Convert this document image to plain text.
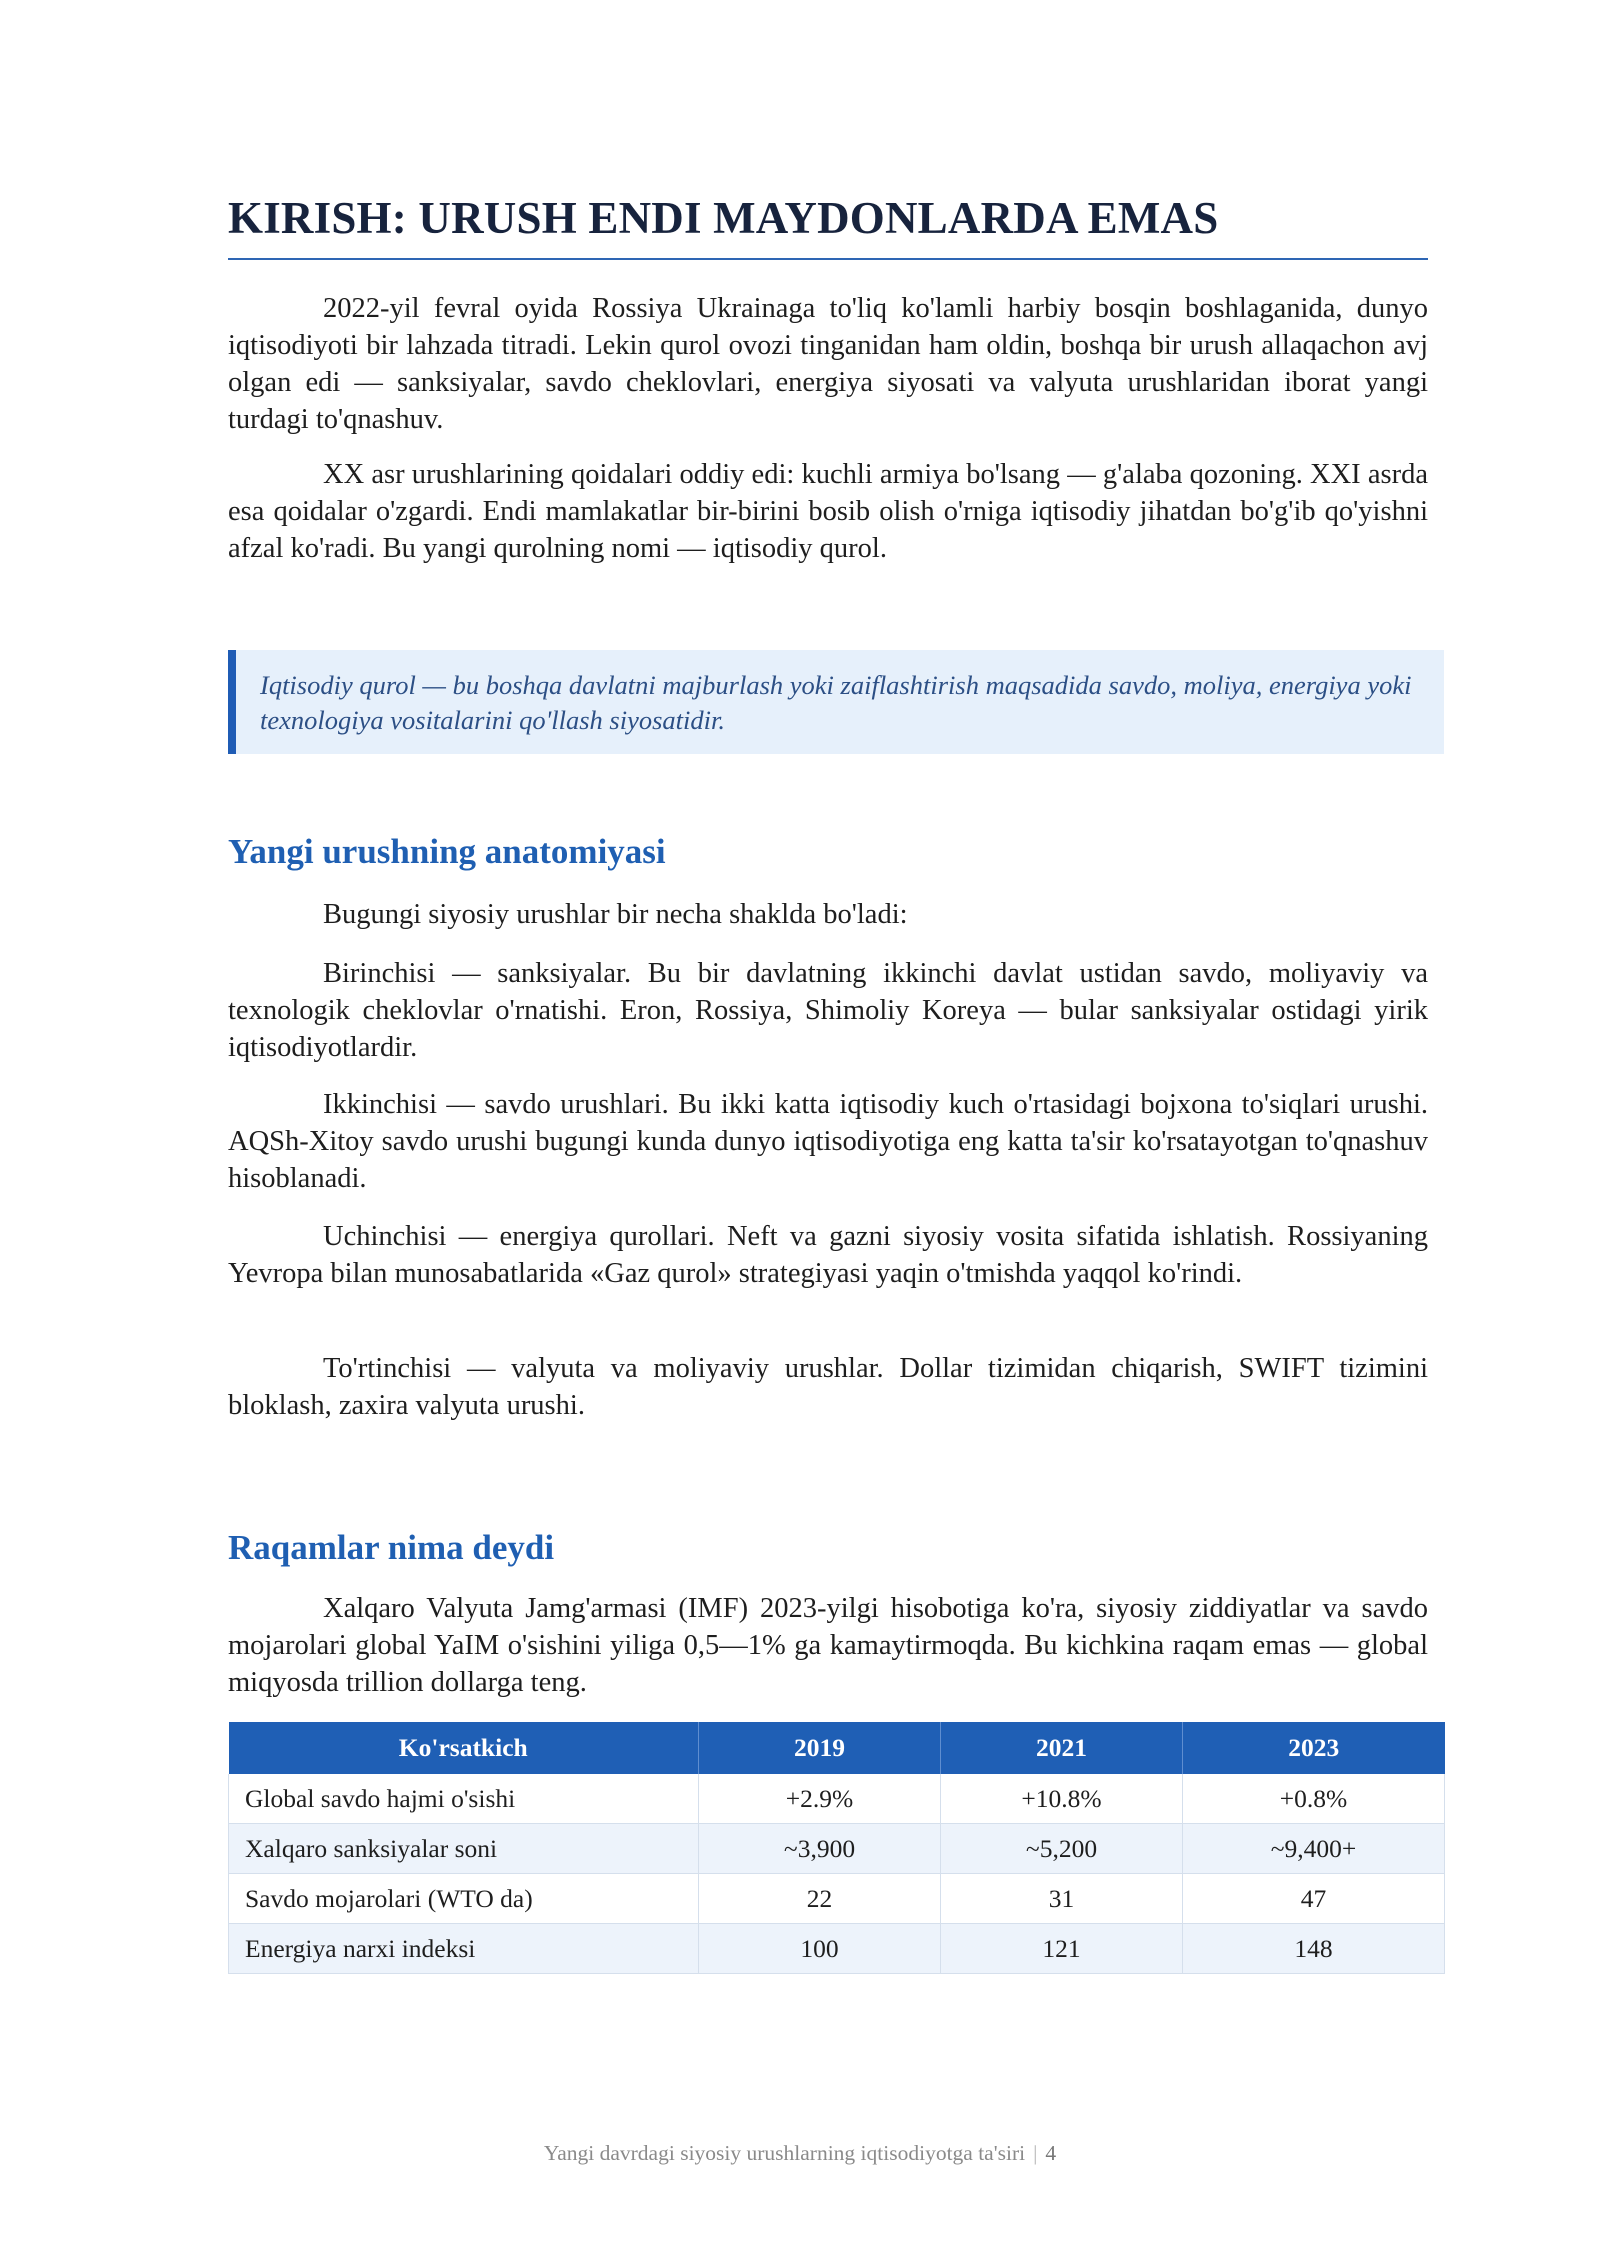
KIRISH: URUSH ENDI MAYDONLARDA EMAS

2022-yil fevral oyida Rossiya Ukrainaga to'liq ko'lamli harbiy bosqin boshlaganida, dunyo iqtisodiyoti bir lahzada titradi. Lekin qurol ovozi tinganidan ham oldin, boshqa bir urush allaqachon avj olgan edi — sanksiyalar, savdo cheklovlari, energiya siyosati va valyuta urushlaridan iborat yangi turdagi to'qnashuv.

XX asr urushlarining qoidalari oddiy edi: kuchli armiya bo'lsang — g'alaba qozoning. XXI asrda esa qoidalar o'zgardi. Endi mamlakatlar bir-birini bosib olish o'rniga iqtisodiy jihatdan bo'g'ib qo'yishni afzal ko'radi. Bu yangi qurolning nomi — iqtisodiy qurol.

Iqtisodiy qurol — bu boshqa davlatni majburlash yoki zaiflashtirish maqsadida savdo, moliya, energiya yoki texnologiya vositalarini qo'llash siyosatidir.

Yangi urushning anatomiyasi

Bugungi siyosiy urushlar bir necha shaklda bo'ladi:

Birinchisi — sanksiyalar. Bu bir davlatning ikkinchi davlat ustidan savdo, moliyaviy va texnologik cheklovlar o'rnatishi. Eron, Rossiya, Shimoliy Koreya — bular sanksiyalar ostidagi yirik iqtisodiyotlardir.

Ikkinchisi — savdo urushlari. Bu ikki katta iqtisodiy kuch o'rtasidagi bojxona to'siqlari urushi. AQSh-Xitoy savdo urushi bugungi kunda dunyo iqtisodiyotiga eng katta ta'sir ko'rsatayotgan to'qnashuv hisoblanadi.

Uchinchisi — energiya qurollari. Neft va gazni siyosiy vosita sifatida ishlatish. Rossiyaning Yevropa bilan munosabatlarida «Gaz qurol» strategiyasi yaqin o'tmishda yaqqol ko'rindi.

To'rtinchisi — valyuta va moliyaviy urushlar. Dollar tizimidan chiqarish, SWIFT tizimini bloklash, zaxira valyuta urushi.

Raqamlar nima deydi

Xalqaro Valyuta Jamg'armasi (IMF) 2023-yilgi hisobotiga ko'ra, siyosiy ziddiyatlar va savdo mojarolari global YaIM o'sishini yiliga 0,5—1% ga kamaytirmoqda. Bu kichkina raqam emas — global miqyosda trillion dollarga teng.

Ko'rsatkich	2019	2021	2023
Global savdo hajmi o'sishi	+2.9%	+10.8%	+0.8%
Xalqaro sanksiyalar soni	~3,900	~5,200	~9,400+
Savdo mojarolari (WTO da)	22	31	47
Energiya narxi indeksi	100	121	148
Yangi davrdagi siyosiy urushlarning iqtisodiyotga ta'siri | 4
